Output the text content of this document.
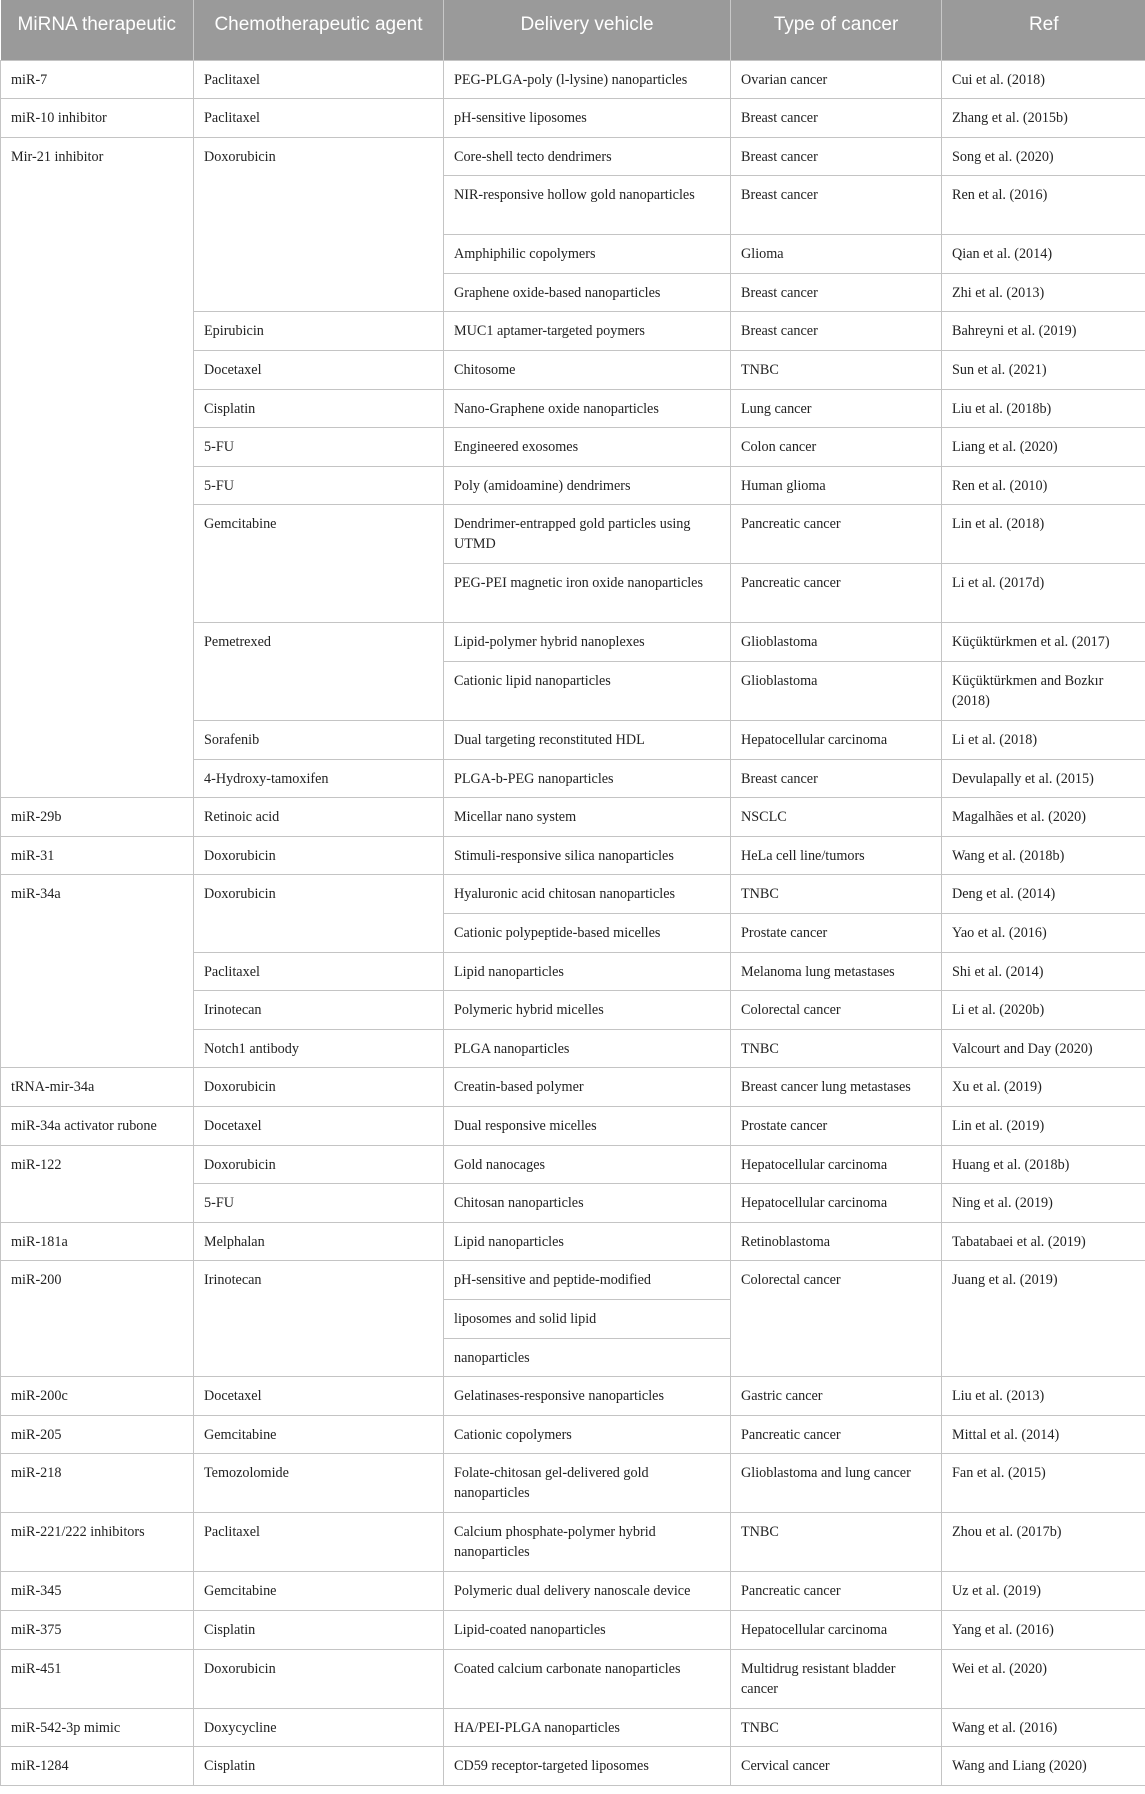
MiRNA therapeutic	Chemotherapeutic agent	Delivery vehicle	Type of cancer	Ref
miR-7	Paclitaxel	PEG-PLGA-poly (l-lysine) nanoparticles	Ovarian cancer	Cui et al. (2018)
miR-10 inhibitor	Paclitaxel	pH-sensitive liposomes	Breast cancer	Zhang et al. (2015b)
Mir-21 inhibitor	Doxorubicin	Core-shell tecto dendrimers	Breast cancer	Song et al. (2020)
		NIR-responsive hollow gold nanoparticles	Breast cancer	Ren et al. (2016)
		Amphiphilic copolymers	Glioma	Qian et al. (2014)
		Graphene oxide-based nanoparticles	Breast cancer	Zhi et al. (2013)
	Epirubicin	MUC1 aptamer-targeted poymers	Breast cancer	Bahreyni et al. (2019)
	Docetaxel	Chitosome	TNBC	Sun et al. (2021)
	Cisplatin	Nano-Graphene oxide nanoparticles	Lung cancer	Liu et al. (2018b)
	5-FU	Engineered exosomes	Colon cancer	Liang et al. (2020)
	5-FU	Poly (amidoamine) dendrimers	Human glioma	Ren et al. (2010)
	Gemcitabine	Dendrimer-entrapped gold particles using UTMD	Pancreatic cancer	Lin et al. (2018)
		PEG-PEI magnetic iron oxide nanoparticles	Pancreatic cancer	Li et al. (2017d)
	Pemetrexed	Lipid-polymer hybrid nanoplexes	Glioblastoma	Küçüktürkmen et al. (2017)
		Cationic lipid nanoparticles	Glioblastoma	Küçüktürkmen and Bozkır (2018)
	Sorafenib	Dual targeting reconstituted HDL	Hepatocellular carcinoma	Li et al. (2018)
	4-Hydroxy-tamoxifen	PLGA-b-PEG nanoparticles	Breast cancer	Devulapally et al. (2015)
miR-29b	Retinoic acid	Micellar nano system	NSCLC	Magalhães et al. (2020)
miR-31	Doxorubicin	Stimuli-responsive silica nanoparticles	HeLa cell line/tumors	Wang et al. (2018b)
miR-34a	Doxorubicin	Hyaluronic acid chitosan nanoparticles	TNBC	Deng et al. (2014)
		Cationic polypeptide-based micelles	Prostate cancer	Yao et al. (2016)
	Paclitaxel	Lipid nanoparticles	Melanoma lung metastases	Shi et al. (2014)
	Irinotecan	Polymeric hybrid micelles	Colorectal cancer	Li et al. (2020b)
	Notch1 antibody	PLGA nanoparticles	TNBC	Valcourt and Day (2020)
tRNA-mir-34a	Doxorubicin	Creatin-based polymer	Breast cancer lung metastases	Xu et al. (2019)
miR-34a activator rubone	Docetaxel	Dual responsive micelles	Prostate cancer	Lin et al. (2019)
miR-122	Doxorubicin	Gold nanocages	Hepatocellular carcinoma	Huang et al. (2018b)
	5-FU	Chitosan nanoparticles	Hepatocellular carcinoma	Ning et al. (2019)
miR-181a	Melphalan	Lipid nanoparticles	Retinoblastoma	Tabatabaei et al. (2019)
miR-200	Irinotecan	pH-sensitive and peptide-modified	Colorectal cancer	Juang et al. (2019)
		liposomes and solid lipid		
		nanoparticles		
miR-200c	Docetaxel	Gelatinases-responsive nanoparticles	Gastric cancer	Liu et al. (2013)
miR-205	Gemcitabine	Cationic copolymers	Pancreatic cancer	Mittal et al. (2014)
miR-218	Temozolomide	Folate-chitosan gel-delivered gold nanoparticles	Glioblastoma and lung cancer	Fan et al. (2015)
miR-221/222 inhibitors	Paclitaxel	Calcium phosphate-polymer hybrid nanoparticles	TNBC	Zhou et al. (2017b)
miR-345	Gemcitabine	Polymeric dual delivery nanoscale device	Pancreatic cancer	Uz et al. (2019)
miR-375	Cisplatin	Lipid-coated nanoparticles	Hepatocellular carcinoma	Yang et al. (2016)
miR-451	Doxorubicin	Coated calcium carbonate nanoparticles	Multidrug resistant bladder cancer	Wei et al. (2020)
miR-542-3p mimic	Doxycycline	HA/PEI-PLGA nanoparticles	TNBC	Wang et al. (2016)
miR-1284	Cisplatin	CD59 receptor-targeted liposomes	Cervical cancer	Wang and Liang (2020)
